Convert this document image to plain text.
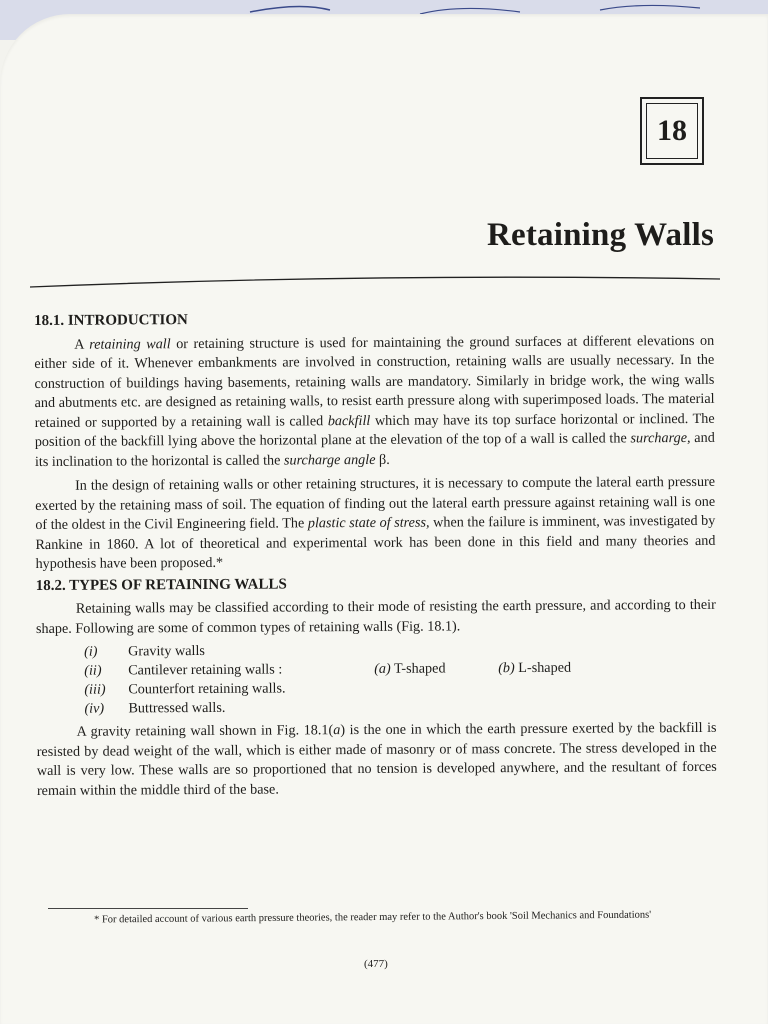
18
Retaining Walls
18.1. INTRODUCTION

A retaining wall or retaining structure is used for maintaining the ground surfaces at different elevations on either side of it. Whenever embankments are involved in construction, retaining walls are usually necessary. In the construction of buildings having basements, retaining walls are mandatory. Similarly in bridge work, the wing walls and abutments etc. are designed as retaining walls, to resist earth pressure along with superimposed loads. The material retained or supported by a retaining wall is called backfill which may have its top surface horizontal or inclined. The position of the backfill lying above the horizontal plane at the elevation of the top of a wall is called the surcharge, and its inclination to the horizontal is called the surcharge angle β.

In the design of retaining walls or other retaining structures, it is necessary to compute the lateral earth pressure exerted by the retaining mass of soil. The equation of finding out the lateral earth pressure against retaining wall is one of the oldest in the Civil Engineering field. The plastic state of stress, when the failure is imminent, was investigated by Rankine in 1860. A lot of theoretical and experimental work has been done in this field and many theories and hypothesis have been proposed.*

18.2. TYPES OF RETAINING WALLS

Retaining walls may be classified according to their mode of resisting the earth pressure, and according to their shape. Following are some of common types of retaining walls (Fig. 18.1).

(i)	Gravity walls
(ii)	Cantilever retaining walls :	(a) T-shaped	(b) L-shaped
(iii)	Counterfort retaining walls.
(iv)	Buttressed walls.

A gravity retaining wall shown in Fig. 18.1(a) is the one in which the earth pressure exerted by the backfill is resisted by dead weight of the wall, which is either made of masonry or of mass concrete. The stress developed in the wall is very low. These walls are so proportioned that no tension is developed anywhere, and the resultant of forces remain within the middle third of the base.

* For detailed account of various earth pressure theories, the reader may refer to the Author's book 'Soil Mechanics and Foundations'
(477)
